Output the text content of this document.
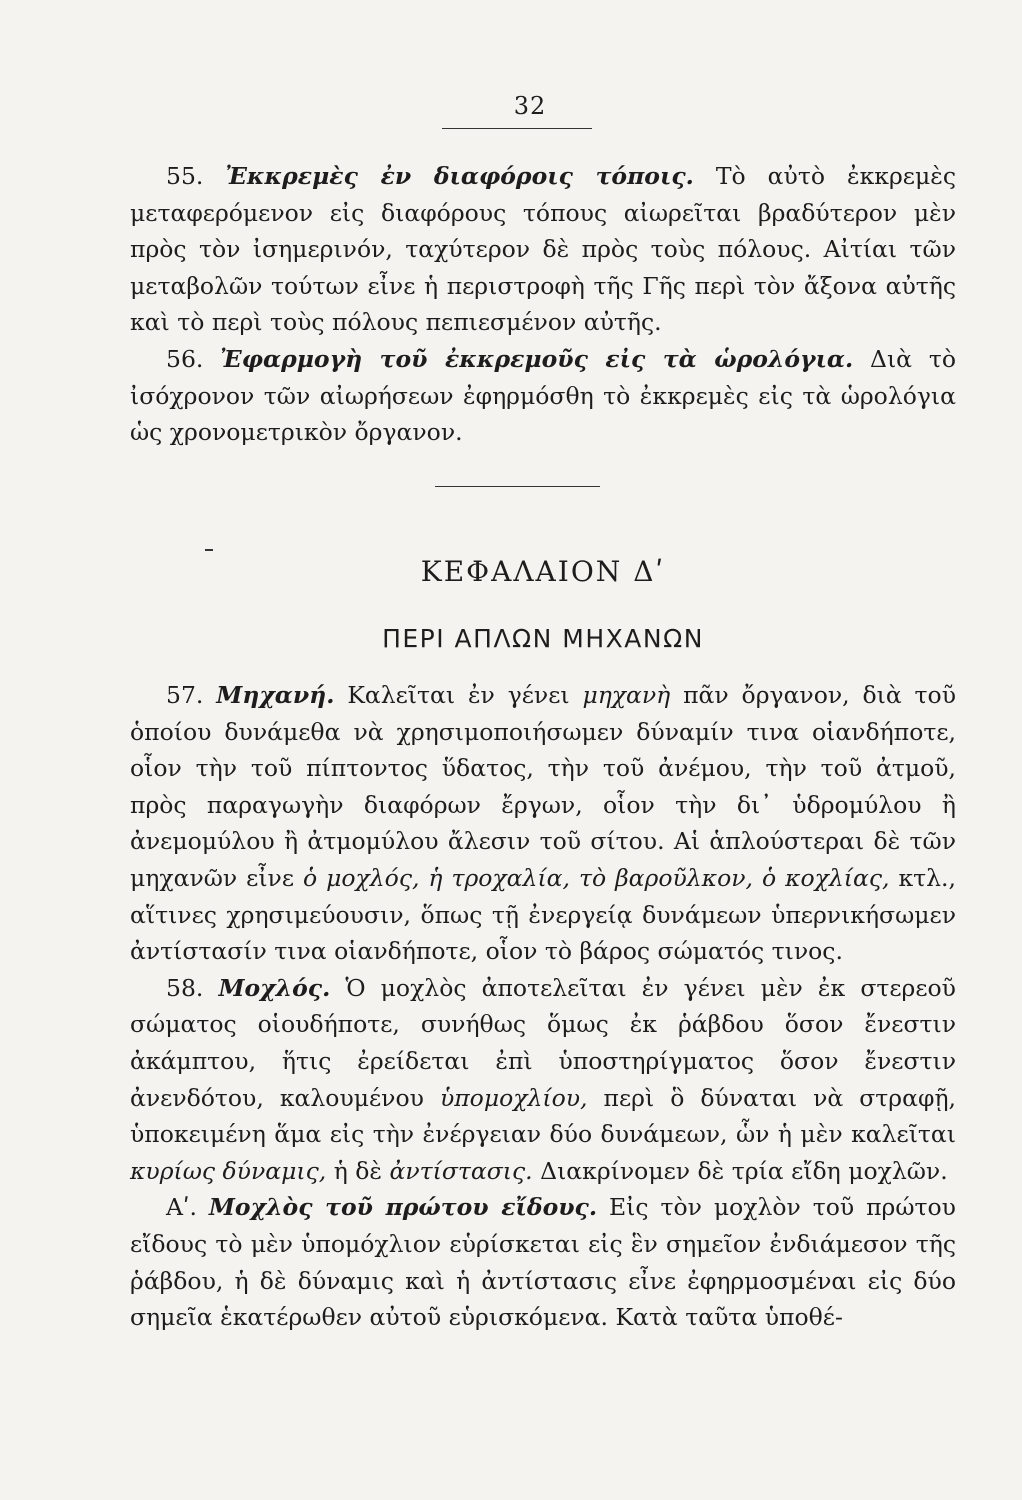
32

55. Ἐκκρεμὲς ἐν διαφόροις τόποις. Τὸ αὐτὸ ἐκκρεμὲς μεταφερόμενον εἰς διαφόρους τόπους αἰωρεῖται βραδύτερον μὲν πρὸς τὸν ἰσημερινόν, ταχύτερον δὲ πρὸς τοὺς πόλους. Αἰτίαι τῶν μεταβολῶν τούτων εἶνε ἡ περιστροφὴ τῆς Γῆς περὶ τὸν ἄξονα αὐτῆς καὶ τὸ περὶ τοὺς πόλους πεπιεσμένον αὐτῆς.

56. Ἐφαρμογὴ τοῦ ἐκκρεμοῦς εἰς τὰ ὡρολόγια. Διὰ τὸ ἰσόχρονον τῶν αἰωρήσεων ἐφηρμόσθη τὸ ἐκκρεμὲς εἰς τὰ ὡρολόγια ὡς χρονομετρικὸν ὄργανον.

ΚΕΦΑΛΑΙΟΝ Δʹ
ΠΕΡΙ ΑΠΛΩΝ ΜΗΧΑΝΩΝ

57. Μηχανή. Καλεῖται ἐν γένει μηχανὴ πᾶν ὄργανον, διὰ τοῦ ὁποίου δυνάμεθα νὰ χρησιμοποιήσωμεν δύναμίν τινα οἱανδήποτε, οἷον τὴν τοῦ πίπτοντος ὕδατος, τὴν τοῦ ἀνέμου, τὴν τοῦ ἀτμοῦ, πρὸς παραγωγὴν διαφόρων ἔργων, οἷον τὴν δι᾽ ὑδρομύλου ἢ ἀνεμομύλου ἢ ἀτμομύλου ἄλεσιν τοῦ σίτου. Αἱ ἁπλούστεραι δὲ τῶν μηχανῶν εἶνε ὁ μοχλός, ἡ τροχαλία, τὸ βαροῦλκον, ὁ κοχλίας, κτλ., αἵτινες χρησιμεύουσιν, ὅπως τῇ ἐνεργείᾳ δυνάμεων ὑπερνικήσωμεν ἀντίστασίν τινα οἱανδήποτε, οἷον τὸ βάρος σώματός τινος.

58. Μοχλός. Ὁ μοχλὸς ἀποτελεῖται ἐν γένει μὲν ἐκ στερεοῦ σώματος οἱουδήποτε, συνήθως ὅμως ἐκ ῥάβδου ὅσον ἔνεστιν ἀκάμπτου, ἥτις ἐρείδεται ἐπὶ ὑποστηρίγματος ὅσον ἔνεστιν ἀνενδότου, καλουμένου ὑπομοχλίου, περὶ ὃ δύναται νὰ στραφῇ, ὑποκειμένη ἅμα εἰς τὴν ἐνέργειαν δύο δυνάμεων, ὧν ἡ μὲν καλεῖται κυρίως δύναμις, ἡ δὲ ἀντίστασις. Διακρίνομεν δὲ τρία εἴδη μοχλῶν.

Αʹ. Μοχλὸς τοῦ πρώτου εἴδους. Εἰς τὸν μοχλὸν τοῦ πρώτου εἴδους τὸ μὲν ὑπομόχλιον εὑρίσκεται εἰς ἓν σημεῖον ἐνδιάμεσον τῆς ῥάβδου, ἡ δὲ δύναμις καὶ ἡ ἀντίστασις εἶνε ἐφηρμοσμέναι εἰς δύο σημεῖα ἑκατέρωθεν αὐτοῦ εὑρισκόμενα. Κατὰ ταῦτα ὑποθέ-
